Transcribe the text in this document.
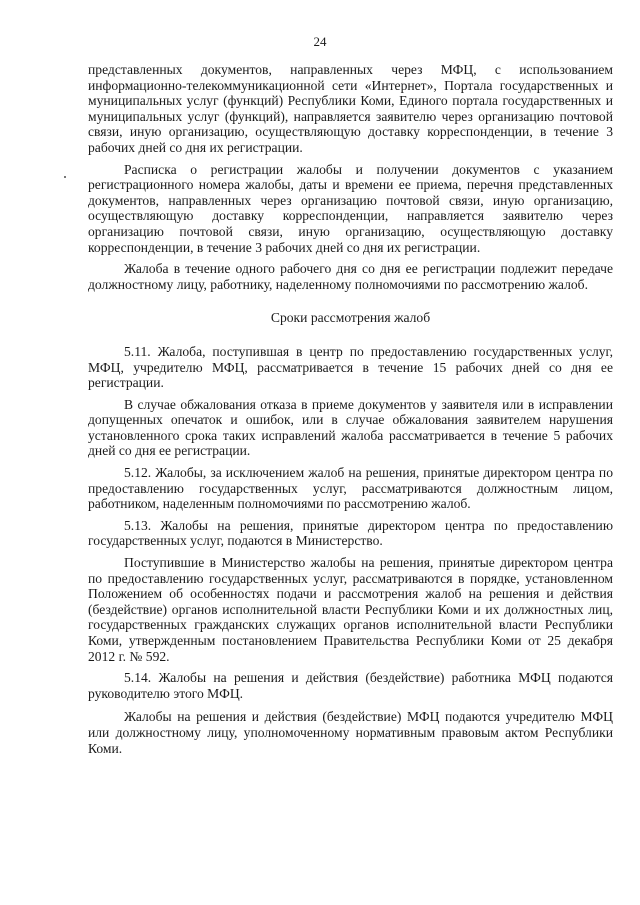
24

представленных документов, направленных через МФЦ, с использованием информационно-телекоммуникационной сети «Интернет», Портала государственных и муниципальных услуг (функций) Республики Коми, Единого портала государственных и муниципальных услуг (функций), направляется заявителю через организацию почтовой связи, иную организацию, осуществляющую доставку корреспонденции, в течение 3 рабочих дней со дня их регистрации.

Расписка о регистрации жалобы и получении документов с указанием регистрационного номера жалобы, даты и времени ее приема, перечня представленных документов, направленных через организацию почтовой связи, иную организацию, осуществляющую доставку корреспонденции, направляется заявителю через организацию почтовой связи, иную организацию, осуществляющую доставку корреспонденции, в течение 3 рабочих дней со дня их регистрации.

Жалоба в течение одного рабочего дня со дня ее регистрации подлежит передаче должностному лицу, работнику, наделенному полномочиями по рассмотрению жалоб.

Сроки рассмотрения жалоб

5.11. Жалоба, поступившая в центр по предоставлению государственных услуг, МФЦ, учредителю МФЦ, рассматривается в течение 15 рабочих дней со дня ее регистрации.

В случае обжалования отказа в приеме документов у заявителя или в исправлении допущенных опечаток и ошибок, или в случае обжалования заявителем нарушения установленного срока таких исправлений жалоба рассматривается в течение 5 рабочих дней со дня ее регистрации.

5.12. Жалобы, за исключением жалоб на решения, принятые директором центра по предоставлению государственных услуг, рассматриваются должностным лицом, работником, наделенным полномочиями по рассмотрению жалоб.

5.13. Жалобы на решения, принятые директором центра по предоставлению государственных услуг, подаются в Министерство.

Поступившие в Министерство жалобы на решения, принятые директором центра по предоставлению государственных услуг, рассматриваются в порядке, установленном Положением об особенностях подачи и рассмотрения жалоб на решения и действия (бездействие) органов исполнительной власти Республики Коми и их должностных лиц, государственных гражданских служащих органов исполнительной власти Республики Коми, утвержденным постановлением Правительства Республики Коми от 25 декабря 2012 г. № 592.

5.14. Жалобы на решения и действия (бездействие) работника МФЦ подаются руководителю этого МФЦ.

Жалобы на решения и действия (бездействие) МФЦ подаются учредителю МФЦ или должностному лицу, уполномоченному нормативным правовым актом Республики Коми.
